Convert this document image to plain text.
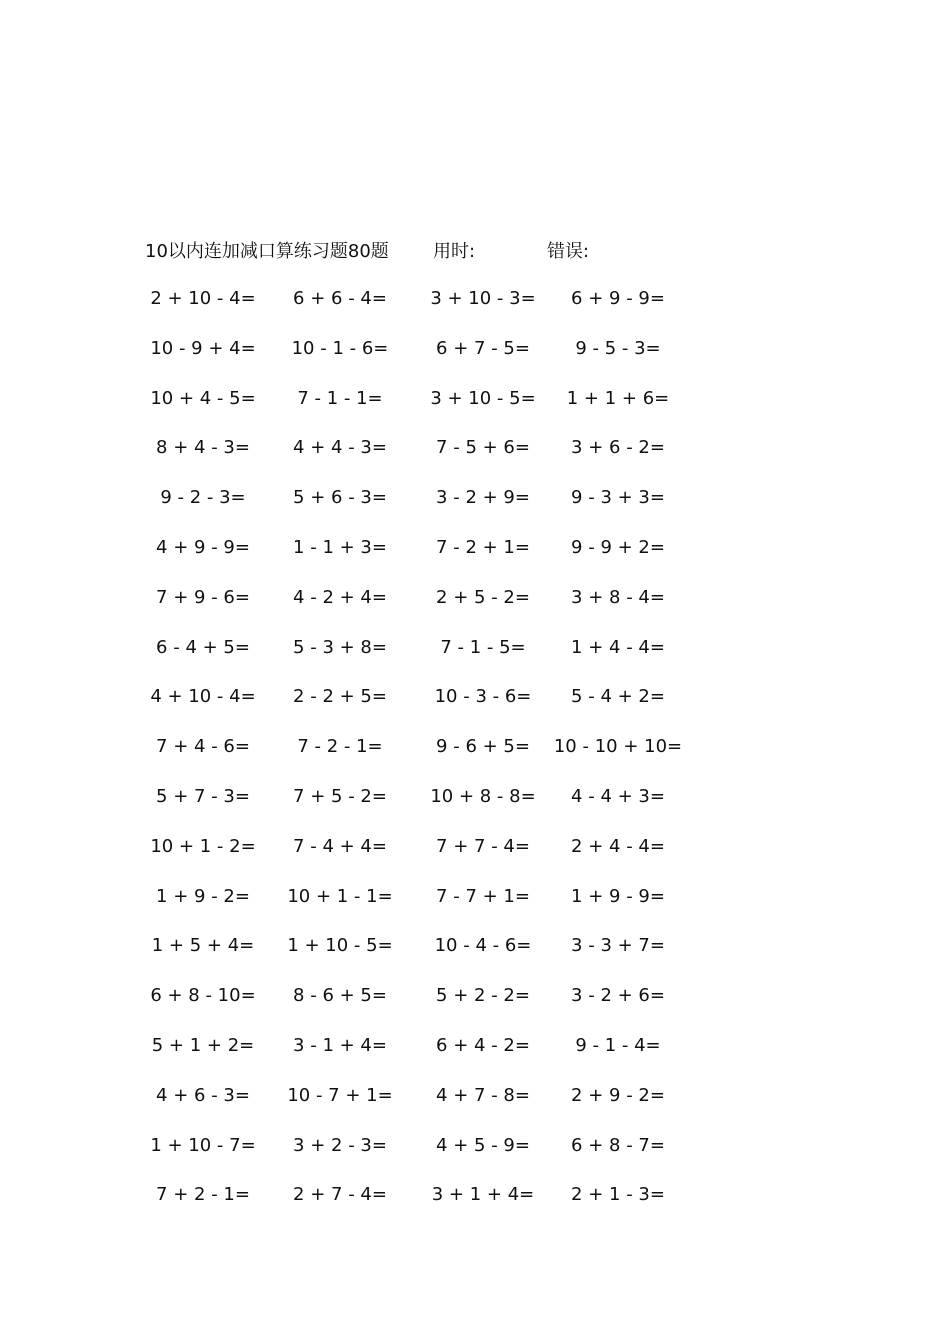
10以内连加减口算练习题80题	用时:	错误:
2 + 10 - 4=	6 + 6 - 4=	3 + 10 - 3=	6 + 9 - 9=
10 - 9 + 4=	10 - 1 - 6=	6 + 7 - 5=	9 - 5 - 3=
10 + 4 - 5=	7 - 1 - 1=	3 + 10 - 5=	1 + 1 + 6=
8 + 4 - 3=	4 + 4 - 3=	7 - 5 + 6=	3 + 6 - 2=
9 - 2 - 3=	5 + 6 - 3=	3 - 2 + 9=	9 - 3 + 3=
4 + 9 - 9=	1 - 1 + 3=	7 - 2 + 1=	9 - 9 + 2=
7 + 9 - 6=	4 - 2 + 4=	2 + 5 - 2=	3 + 8 - 4=
6 - 4 + 5=	5 - 3 + 8=	7 - 1 - 5=	1 + 4 - 4=
4 + 10 - 4=	2 - 2 + 5=	10 - 3 - 6=	5 - 4 + 2=
7 + 4 - 6=	7 - 2 - 1=	9 - 6 + 5=	10 - 10 + 10=
5 + 7 - 3=	7 + 5 - 2=	10 + 8 - 8=	4 - 4 + 3=
10 + 1 - 2=	7 - 4 + 4=	7 + 7 - 4=	2 + 4 - 4=
1 + 9 - 2=	10 + 1 - 1=	7 - 7 + 1=	1 + 9 - 9=
1 + 5 + 4=	1 + 10 - 5=	10 - 4 - 6=	3 - 3 + 7=
6 + 8 - 10=	8 - 6 + 5=	5 + 2 - 2=	3 - 2 + 6=
5 + 1 + 2=	3 - 1 + 4=	6 + 4 - 2=	9 - 1 - 4=
4 + 6 - 3=	10 - 7 + 1=	4 + 7 - 8=	2 + 9 - 2=
1 + 10 - 7=	3 + 2 - 3=	4 + 5 - 9=	6 + 8 - 7=
7 + 2 - 1=	2 + 7 - 4=	3 + 1 + 4=	2 + 1 - 3=
